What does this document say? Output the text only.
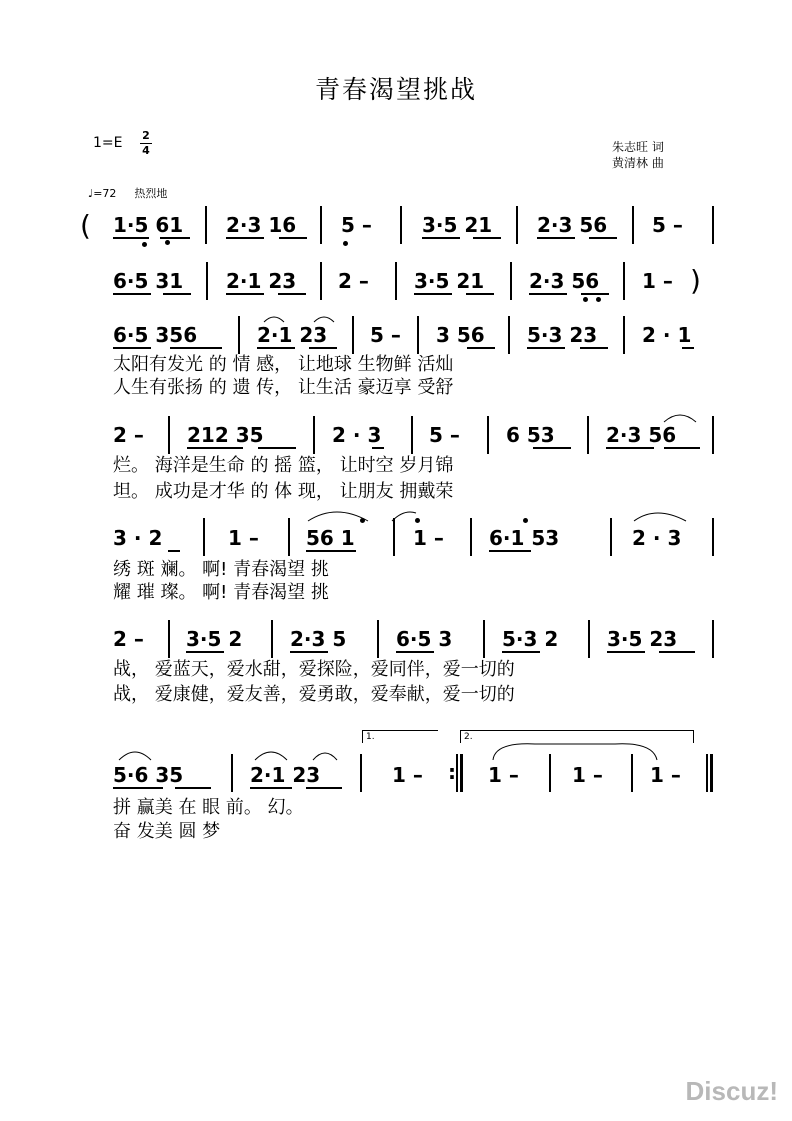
青春渴望挑战
1=E 2
4	朱志旺 词
黄清林 曲
♩=72 热烈地
( 1·5 61 2·3 16 5 –	3·5 21 2·3 56 5 –
6·5 31 2·1 23 2 – 3·5 21 2·3 56 1 – )
6·5 356	2·1 23 5 – 3 56 5·3 23 2 · 1
太阳有发光 的 情 感， 让地球 生物鲜 活灿
人生有张扬 的 遗 传， 让生活 豪迈享 受舒
2 – 212 35	2 · 3 5 – 6 53	2·3 56
烂。 海洋是生命 的 摇 篮， 让时空 岁月锦
坦。 成功是才华 的 体 现， 让朋友 拥戴荣
3 · 2	1 – 56 1	1 – 6·1 53	2 · 3
绣 斑 斓。 啊! 青春渴望 挑
耀 璀 璨。 啊! 青春渴望 挑
2 – 3·5 2 2·3 5 6·5 3 5·3 2 3·5 23
战， 爱蓝天，爱水甜，爱探险，爱同伴，爱一切的
战， 爱康健，爱友善，爱勇敢，爱奉献，爱一切的
1.	2.
5·6 35	2·1 23	1 –	1 –	1 – 1 –
:
拼 赢美 在 眼 前。 幻。
奋 发美 圆 梦
Discuz!
